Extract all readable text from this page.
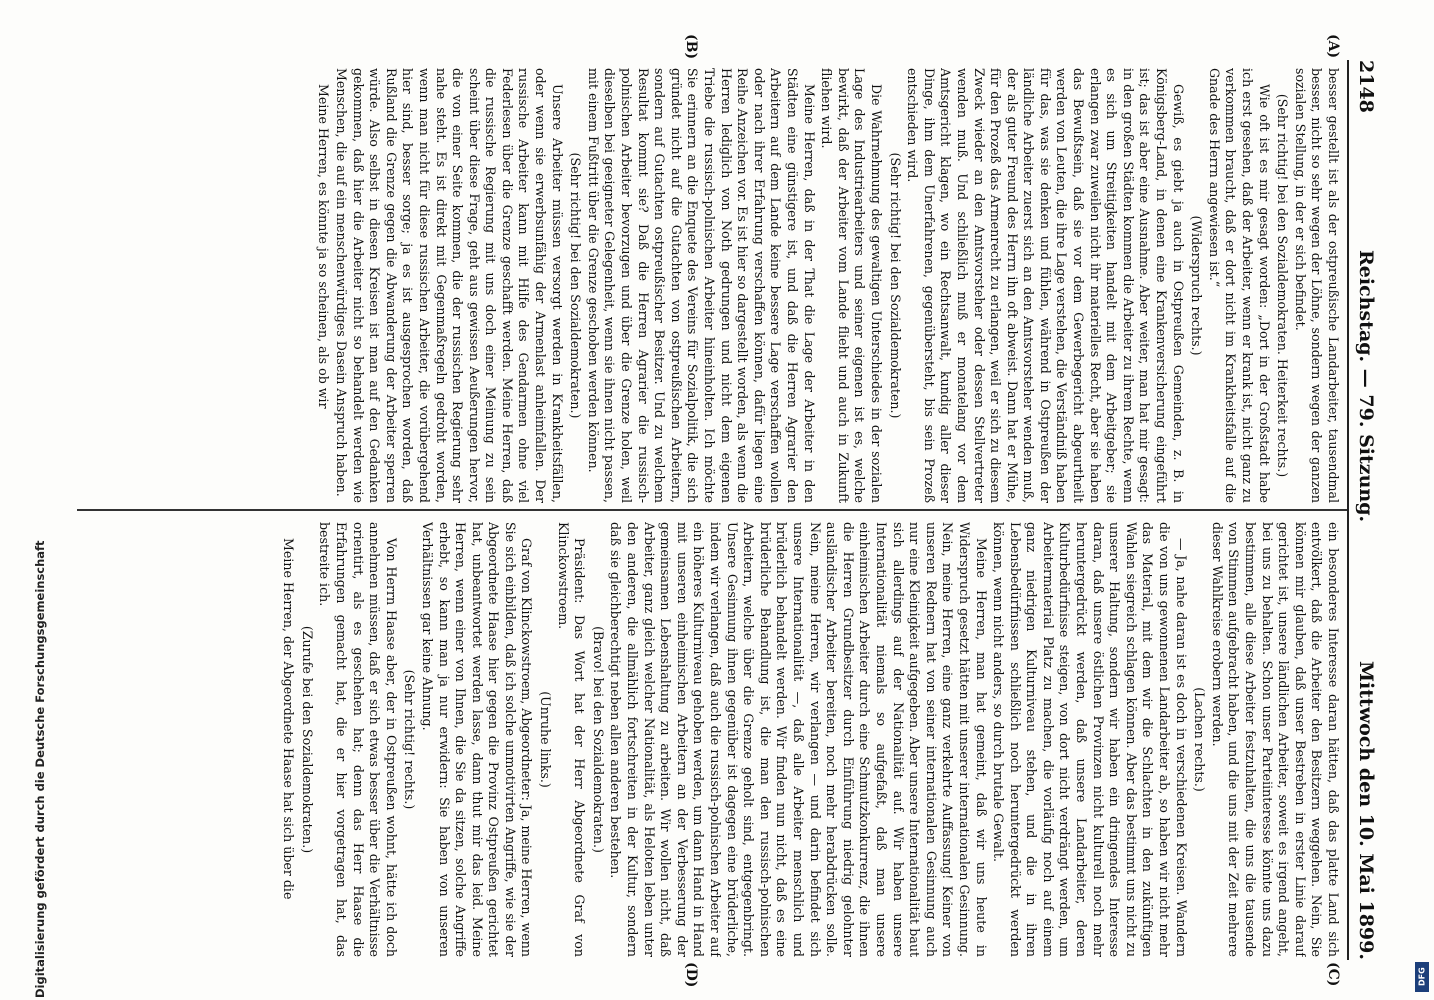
2148
Reichstag. — 79. Sitzung.
Mittwoch den 10. Mai 1899.
(A)
(B)
(C)
(D)

besser gestellt ist als der ostpreußische Landarbeiter, tausendmal besser, nicht so sehr wegen der Löhne, sondern wegen der ganzen sozialen Stellung, in der er sich befindet.

(Sehr richtig! bei den Sozialdemokraten. Heiterkeit rechts.)

Wie oft ist es mir gesagt worden: „Dort in der Großstadt habe ich erst gesehen, daß der Arbeiter, wenn er krank ist, nicht ganz zu verkommen braucht, daß er dort nicht im Krankheitsfalle auf die Gnade des Herrn angewiesen ist.“

(Widerspruch rechts.)

Gewiß, es giebt ja auch in Ostpreußen Gemeinden, z. B. in Königsberg-Land, in denen eine Krankenversicherung eingeführt ist; das ist aber eine Ausnahme. Aber weiter, man hat mir gesagt: in den großen Städten kommen die Arbeiter zu ihrem Rechte, wenn es sich um Streitigkeiten handelt mit dem Arbeitgeber; sie erlangen zwar zuweilen nicht ihr materielles Recht, aber sie haben das Bewußtsein, daß sie vor dem Gewerbegericht abgeurtheilt werden von Leuten, die ihre Lage verstehen, die Verständniß haben für das, was sie denken und fühlen, während in Ostpreußen der ländliche Arbeiter zuerst sich an den Amtsvorsteher wenden muß, der als guter Freund des Herrn ihn oft abweist. Dann hat er Mühe, für den Prozeß das Armenrecht zu erlangen, weil er sich zu diesem Zweck wieder an den Amtsvorsteher oder dessen Stellvertreter wenden muß. Und schließlich muß er monatelang vor dem Amtsgericht klagen, wo ein Rechtsanwalt, kundig aller dieser Dinge, ihm dem Unerfahrenen, gegenübersteht, bis sein Prozeß entschieden wird.

(Sehr richtig! bei den Sozialdemokraten.)

Die Wahrnehmung des gewaltigen Unterschiedes in der sozialen Lage des Industriearbeiters und seiner eigenen ist es, welche bewirkt, daß der Arbeiter vom Lande flieht und auch in Zukunft fliehen wird.

Meine Herren, daß in der That die Lage der Arbeiter in den Städten eine günstigere ist, und daß die Herren Agrarier den Arbeitern auf dem Lande keine bessere Lage verschaffen wollen oder nach ihrer Erfahrung verschaffen können, dafür liegen eine Reihe Anzeichen vor. Es ist hier so dargestellt worden, als wenn die Herren lediglich von Noth gedrungen und nicht dem eigenen Triebe die russisch-polnischen Arbeiter hineinholten. Ich möchte Sie erinnern an die Enquete des Vereins für Sozialpolitik, die sich gründet nicht auf die Gutachten von ostpreußischen Arbeitern, sondern auf Gutachten ostpreußischer Besitzer. Und zu welchem Resultat kommt sie? Daß die Herren Agrarier die russisch-polnischen Arbeiter bevorzugen und über die Grenze holen, weil dieselben bei geeigneter Gelegenheit, wenn sie ihnen nicht passen, mit einem Fußtritt über die Grenze geschoben werden können.

(Sehr richtig! bei den Sozialdemokraten.)

Unsere Arbeiter müssen versorgt werden in Krankheitsfällen, oder wenn sie erwerbsunfähig der Armenlast anheimfallen. Der russische Arbeiter kann mit Hilfe des Gendarmen ohne viel Federlesen über die Grenze geschafft werden. Meine Herren, daß die russische Regierung mit uns doch einer Meinung zu sein scheint über diese Frage, geht aus gewissen Aeußerungen hervor, die von einer Seite kommen, die der russischen Regierung sehr nahe steht. Es ist direkt mit Gegenmaßregeln gedroht worden, wenn man nicht für diese russischen Arbeiter, die vorübergehend hier sind, besser sorge; ja es ist ausgesprochen worden, daß Rußland die Grenze gegen die Abwanderung der Arbeiter sperren würde. Also selbst in diesen Kreisen ist man auf den Gedanken gekommen, daß hier die Arbeiter nicht so behandelt werden wie Menschen, die auf ein menschenwürdiges Dasein Anspruch haben.

Meine Herren, es könnte ja so scheinen, als ob wir

ein besonderes Interesse daran hätten, daß das platte Land sich entvölkert, daß die Arbeiter den Besitzern weggehen. Nein, Sie können mir glauben, daß unser Bestreben in erster Linie darauf gerichtet ist, unsere ländlichen Arbeiter, soweit es irgend angeht, bei uns zu behalten. Schon unser Parteiinteresse könnte uns dazu bestimmen, alle diese Arbeiter festzuhalten, die uns die tausende von Stimmen aufgebracht haben, und die uns mit der Zeit mehrere dieser Wahlkreise erobern werden.

(Lachen rechts.)

— Ja, nahe daran ist es doch in verschiedenen Kreisen. Wandern die von uns gewonnenen Landarbeiter ab, so haben wir nicht mehr das Material, mit dem wir die Schlachten in den zukünftigen Wahlen siegreich schlagen können. Aber das bestimmt uns nicht zu unserer Haltung, sondern wir haben ein dringendes Interesse daran, daß unsere östlichen Provinzen nicht kulturell noch mehr heruntergedrückt werden, daß unsere Landarbeiter, deren Kulturbedürfnisse steigen, von dort nicht verdrängt werden, um Arbeitermaterial Platz zu machen, die vorläufig noch auf einem ganz niedrigen Kulturniveau stehen, und die in ihren Lebensbedürfnissen schließlich noch heruntergedrückt werden können, wenn nicht anders, so durch brutale Gewalt.

Meine Herren, man hat gemeint, daß wir uns heute in Widerspruch gesetzt hätten mit unserer internationalen Gesinnung. Nein, meine Herren, eine ganz verkehrte Auffassung! Keiner von unseren Rednern hat von seiner internationalen Gesinnung auch nur eine Kleinigkeit aufgegeben. Aber unsere Internationalität baut sich allerdings auf der Nationalität auf. Wir haben unsere Internationalität niemals so aufgefaßt, daß man unsere einheimischen Arbeiter durch eine Schmutzkonkurrenz, die ihnen die Herren Grundbesitzer durch Einführung niedrig gelohnter ausländischer Arbeiter bereiten, noch mehr herabdrücken solle. Nein, meine Herren, wir verlangen — und darin befindet sich unsere Internationalität —, daß alle Arbeiter menschlich und brüderlich behandelt werden. Wir finden nun nicht, daß es eine brüderliche Behandlung ist, die man den russisch-polnischen Arbeitern, welche über die Grenze geholt sind, entgegenbringt. Unsere Gesinnung ihnen gegenüber ist dagegen eine brüderliche, indem wir verlangen, daß auch die russisch-polnischen Arbeiter auf ein höheres Kulturniveau gehoben werden, um dann Hand in Hand mit unseren einheimischen Arbeitern an der Verbesserung der gemeinsamen Lebenshaltung zu arbeiten. Wir wollen nicht, daß Arbeiter, ganz gleich welcher Nationalität, als Heloten leben unter den anderen, die allmählich fortschreiten in der Kultur, sondern daß sie gleichberechtigt neben allen anderen bestehen.

(Bravo! bei den Sozialdemokraten.)

Präsident: Das Wort hat der Herr Abgeordnete Graf von Klinckowstroem.

(Unruhe links.)

Graf von Klinckowstroem, Abgeordneter: Ja, meine Herren, wenn Sie sich einbilden, daß ich solche unmotivirten Angriffe, wie sie der Abgeordnete Haase hier gegen die Provinz Ostpreußen gerichtet hat, unbeantwortet werden lasse, dann thut mir das leid. Meine Herren, wenn einer von Ihnen, die Sie da sitzen, solche Angriffe erhebt, so kann man ja nur erwidern: Sie haben von unseren Verhältnissen gar keine Ahnung.

(Sehr richtig! rechts.)

Von Herrn Haase aber, der in Ostpreußen wohnt, hätte ich doch annehmen müssen, daß er sich etwas besser über die Verhältnisse orientirt, als es geschehen hat; denn das Herr Haase die Erfahrungen gemacht hat, die er hier vorgetragen hat, das bestreite ich.

(Zurufe bei den Sozialdemokraten.)

Meine Herren, der Abgeordnete Haase hat sich über die

Digitalisierung gefördert durch die Deutsche Forschungsgemeinschaft	DFG
